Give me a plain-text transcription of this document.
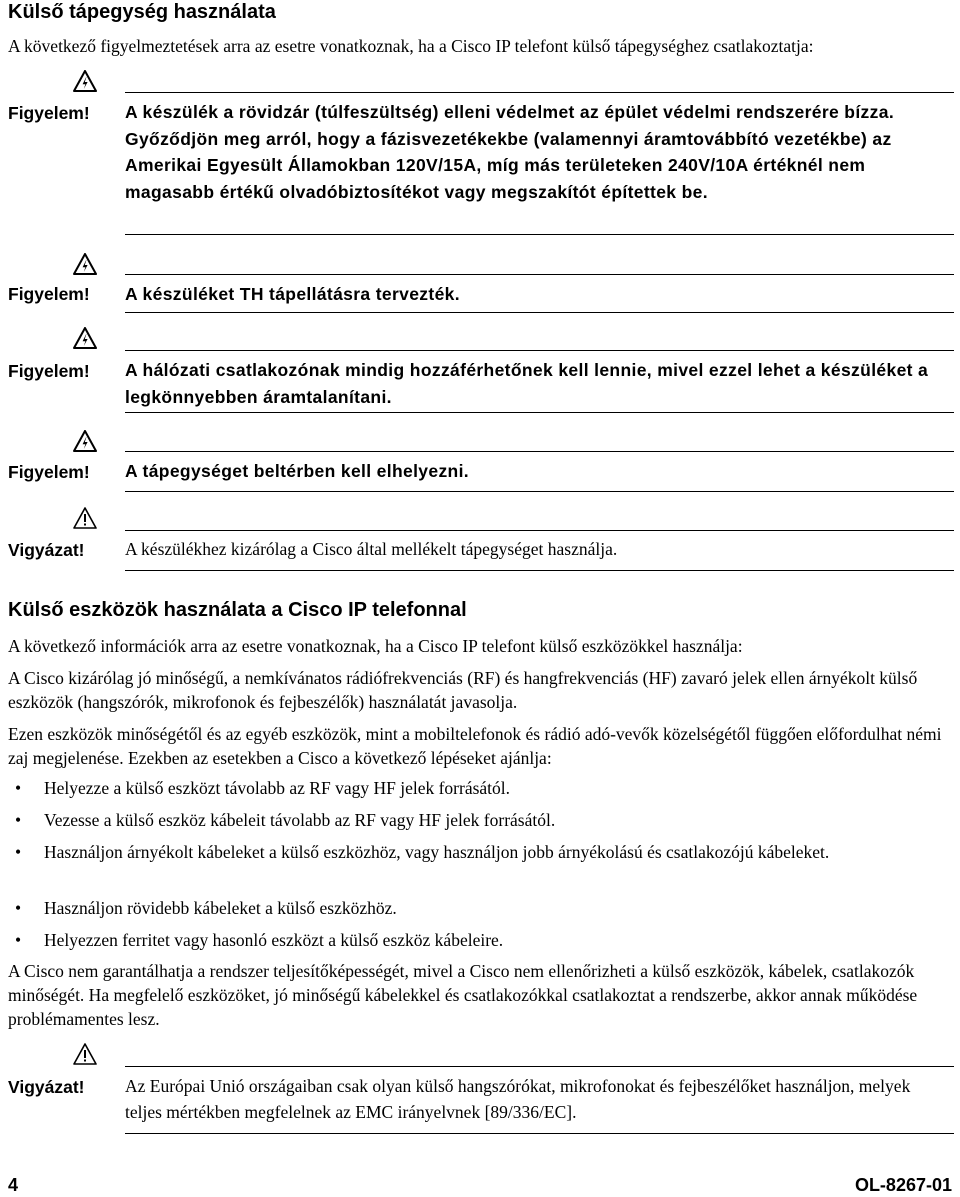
Külső tápegység használata

A következő figyelmeztetések arra az esetre vonatkoznak, ha a Cisco IP telefont külső tápegységhez csatlakoztatja:

Figyelem!	A készülék a rövidzár (túlfeszültség) elleni védelmet az épület védelmi rendszerére bízza. Győződjön meg arról, hogy a fázisvezetékekbe (valamennyi áramtovábbító vezetékbe) az Amerikai Egyesült Államokban 120V/15A, míg más területeken 240V/10A értéknél nem magasabb értékű olvadóbiztosítékot vagy megszakítót építettek be.

Figyelem!	A készüléket TH tápellátásra tervezték.

Figyelem!	A hálózati csatlakozónak mindig hozzáférhetőnek kell lennie, mivel ezzel lehet a készüléket a legkönnyebben áramtalanítani.

Figyelem!	A tápegységet beltérben kell elhelyezni.

Vigyázat!	A készülékhez kizárólag a Cisco által mellékelt tápegységet használja.

Külső eszközök használata a Cisco IP telefonnal

A következő információk arra az esetre vonatkoznak, ha a Cisco IP telefont külső eszközökkel használja:

A Cisco kizárólag jó minőségű, a nemkívánatos rádiófrekvenciás (RF) és hangfrekvenciás (HF) zavaró jelek ellen árnyékolt külső eszközök (hangszórók, mikrofonok és fejbeszélők) használatát javasolja.

Ezen eszközök minőségétől és az egyéb eszközök, mint a mobiltelefonok és rádió adó-vevők közelségétől függően előfordulhat némi zaj megjelenése. Ezekben az esetekben a Cisco a következő lépéseket ajánlja:

• Helyezze a külső eszközt távolabb az RF vagy HF jelek forrásától.
• Vezesse a külső eszköz kábeleit távolabb az RF vagy HF jelek forrásától.
• Használjon árnyékolt kábeleket a külső eszközhöz, vagy használjon jobb árnyékolású és csatlakozójú kábeleket.
• Használjon rövidebb kábeleket a külső eszközhöz.
• Helyezzen ferritet vagy hasonló eszközt a külső eszköz kábeleire.

A Cisco nem garantálhatja a rendszer teljesítőképességét, mivel a Cisco nem ellenőrizheti a külső eszközök, kábelek, csatlakozók minőségét. Ha megfelelő eszközöket, jó minőségű kábelekkel és csatlakozókkal csatlakoztat a rendszerbe, akkor annak működése problémamentes lesz.

Vigyázat!	Az Európai Unió országaiban csak olyan külső hangszórókat, mikrofonokat és fejbeszélőket használjon, melyek teljes mértékben megfelelnek az EMC irányelvnek [89/336/EC].

4	OL-8267-01
